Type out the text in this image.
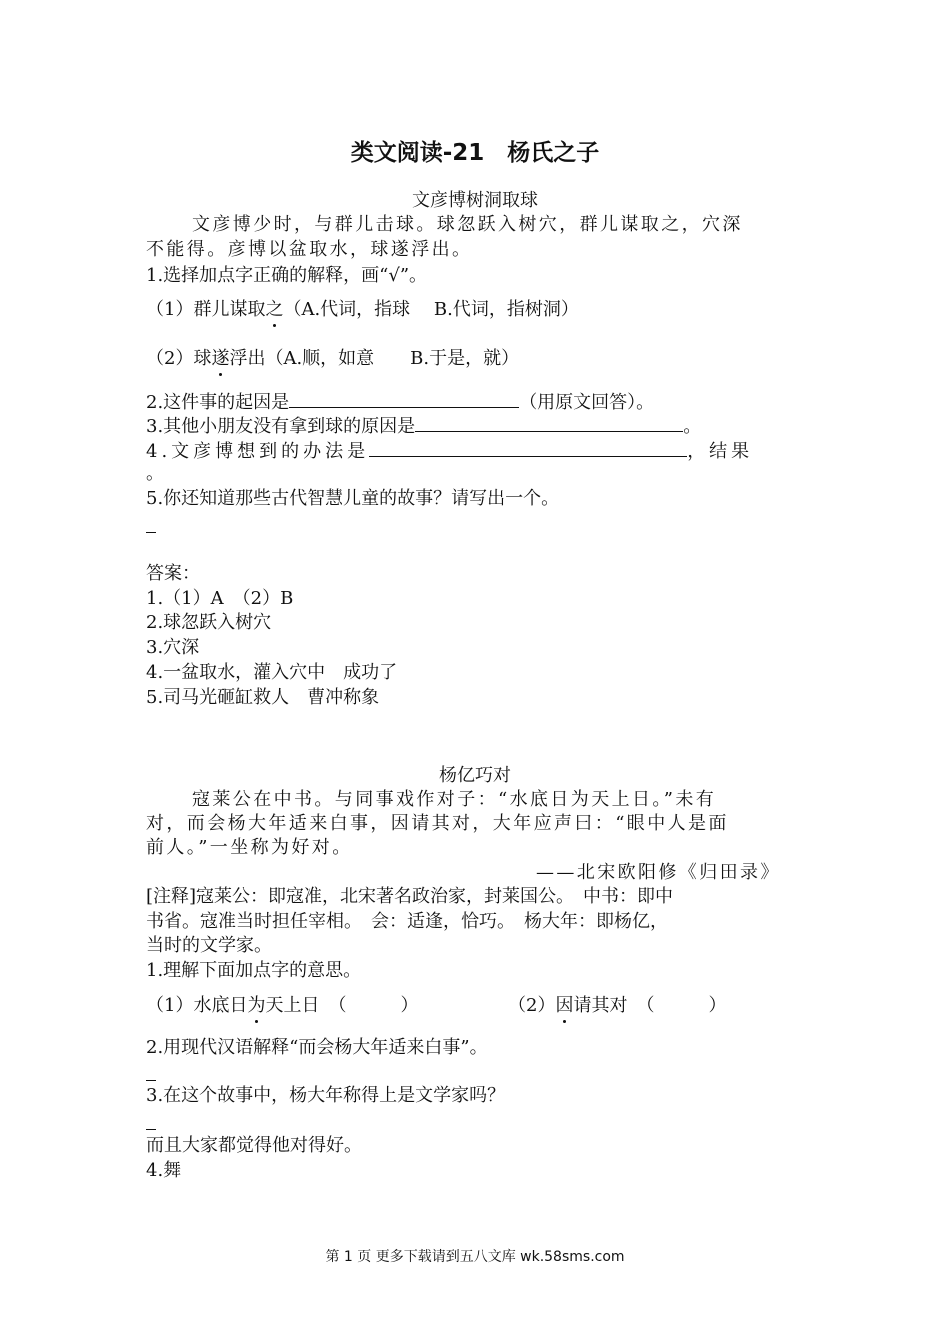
类文阅读-21　杨氏之子
文彦博树洞取球
文彦博少时，与群儿击球。球忽跃入树穴，群儿谋取之，穴深
不能得。彦博以盆取水，球遂浮出。
1.选择加点字正确的解释，画“√”。
（1）群儿谋取之（A.代词，指球　 B.代词，指树洞）
（2）球遂浮出（A.顺，如意　　B.于是，就）
2.这件事的起因是	（用原文回答）。
3.其他小朋友没有拿到球的原因是	。
4.文彦博想到的办法是	，结果
。
5.你还知道那些古代智慧儿童的故事？请写出一个。
答案：
1.（1）A　（2）B
2.球忽跃入树穴
3.穴深
4.一盆取水，灌入穴中　成功了
5.司马光砸缸救人　曹冲称象
杨亿巧对
寇莱公在中书。与同事戏作对子：“水底日为天上日。”未有
对，而会杨大年适来白事，因请其对，大年应声曰：“眼中人是面
前人。”一坐称为好对。
——北宋欧阳修《归田录》
[注释]寇莱公：即寇准，北宋著名政治家，封莱国公。　中书：即中
书省。寇准当时担任宰相。　会：适逢，恰巧。　杨大年：即杨亿，
当时的文学家。
1.理解下面加点字的意思。
（1）水底日为天上日　（　　　）	（2）因请其对　（　　　）
2.用现代汉语解释“而会杨大年适来白事”。
3.在这个故事中，杨大年称得上是文学家吗？
而且大家都觉得他对得好。
4.舞
第 1 页 更多下载请到五八文库 wk.58sms.com
